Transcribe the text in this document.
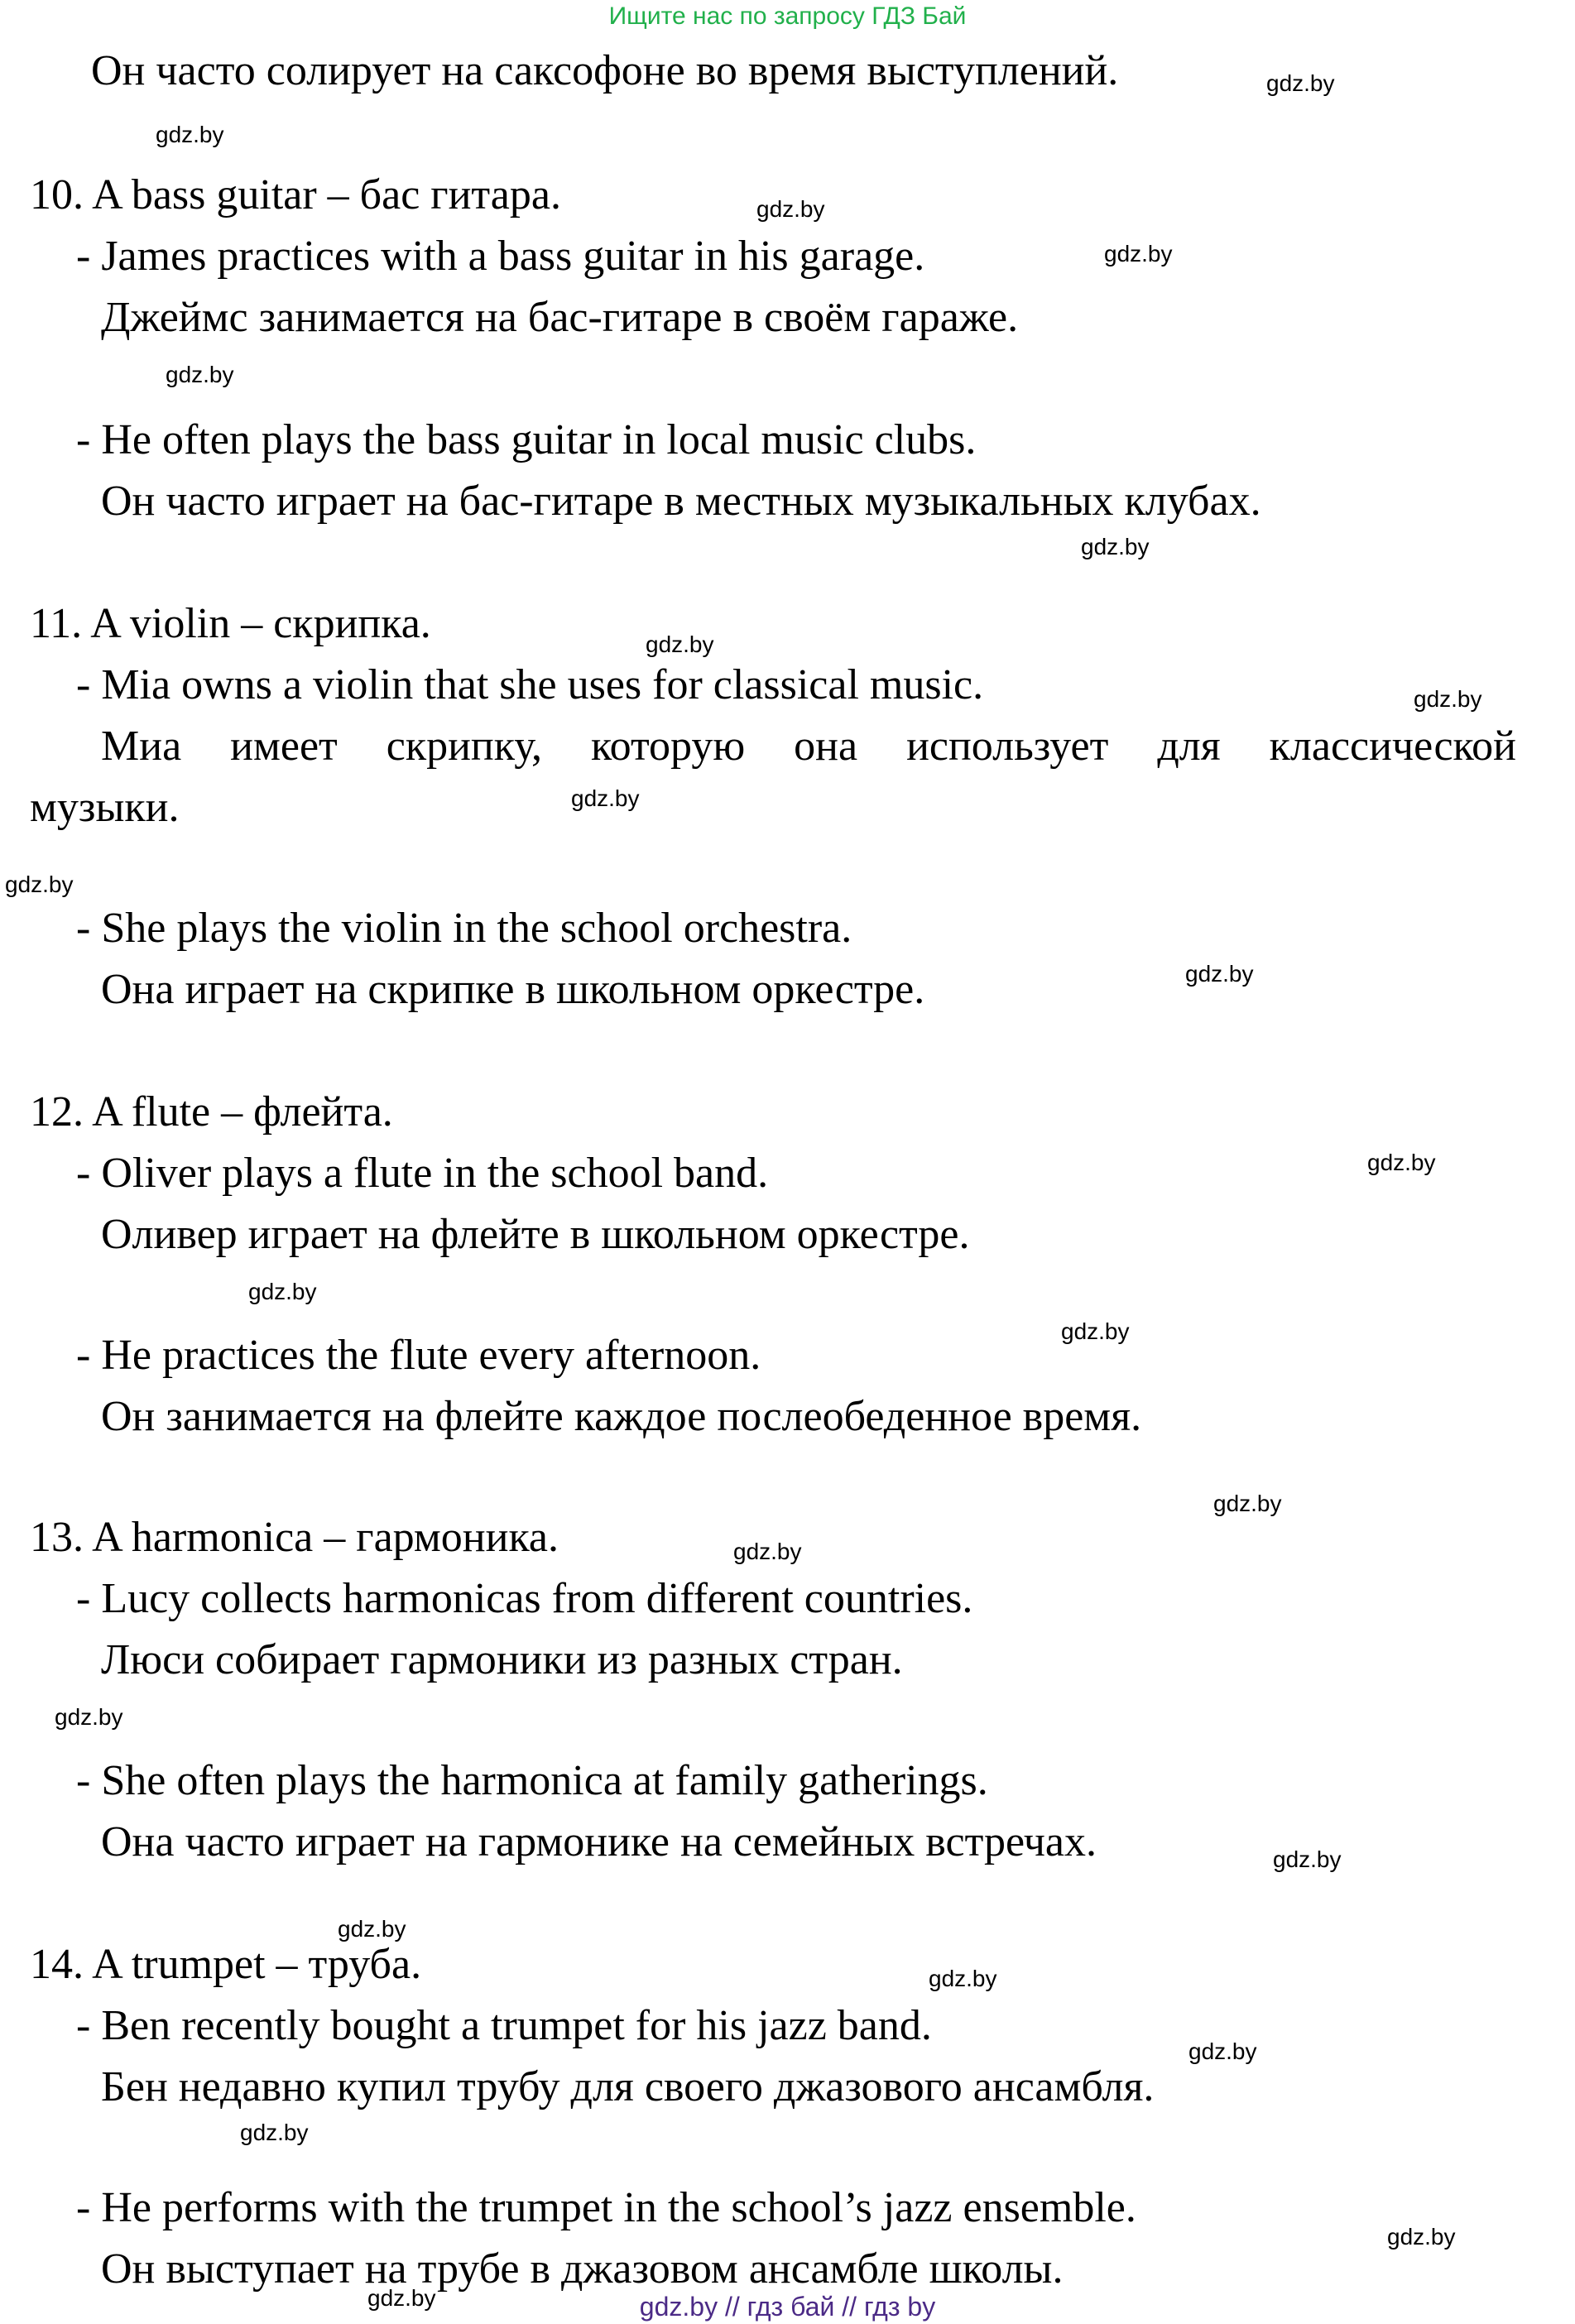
Ищите нас по запросу ГДЗ Бай
Он часто солирует на саксофоне во время выступлений.
10. A bass guitar – бас гитара.
- James practices with a bass guitar in his garage.
Джеймс занимается на бас-гитаре в своём гараже.
- He often plays the bass guitar in local music clubs.
Он часто играет на бас-гитаре в местных музыкальных клубах.
11. A violin – скрипка.
- Mia owns a violin that she uses for classical music.
Миа имеет скрипку, которую она использует для классической
музыки.
- She plays the violin in the school orchestra.
Она играет на скрипке в школьном оркестре.
12. A flute – флейта.
- Oliver plays a flute in the school band.
Оливер играет на флейте в школьном оркестре.
- He practices the flute every afternoon.
Он занимается на флейте каждое послеобеденное время.
13. A harmonica – гармоника.
- Lucy collects harmonicas from different countries.
Люси собирает гармоники из разных стран.
- She often plays the harmonica at family gatherings.
Она часто играет на гармонике на семейных встречах.
14. A trumpet – труба.
- Ben recently bought a trumpet for his jazz band.
Бен недавно купил трубу для своего джазового ансамбля.
- He performs with the trumpet in the school’s jazz ensemble.
Он выступает на трубе в джазовом ансамбле школы.
gdz.by
gdz.by
gdz.by
gdz.by
gdz.by
gdz.by
gdz.by
gdz.by
gdz.by
gdz.by
gdz.by
gdz.by
gdz.by
gdz.by
gdz.by
gdz.by
gdz.by
gdz.by
gdz.by
gdz.by
gdz.by
gdz.by
gdz.by
gdz.by	gdz.by // гдз бай // гдз by
